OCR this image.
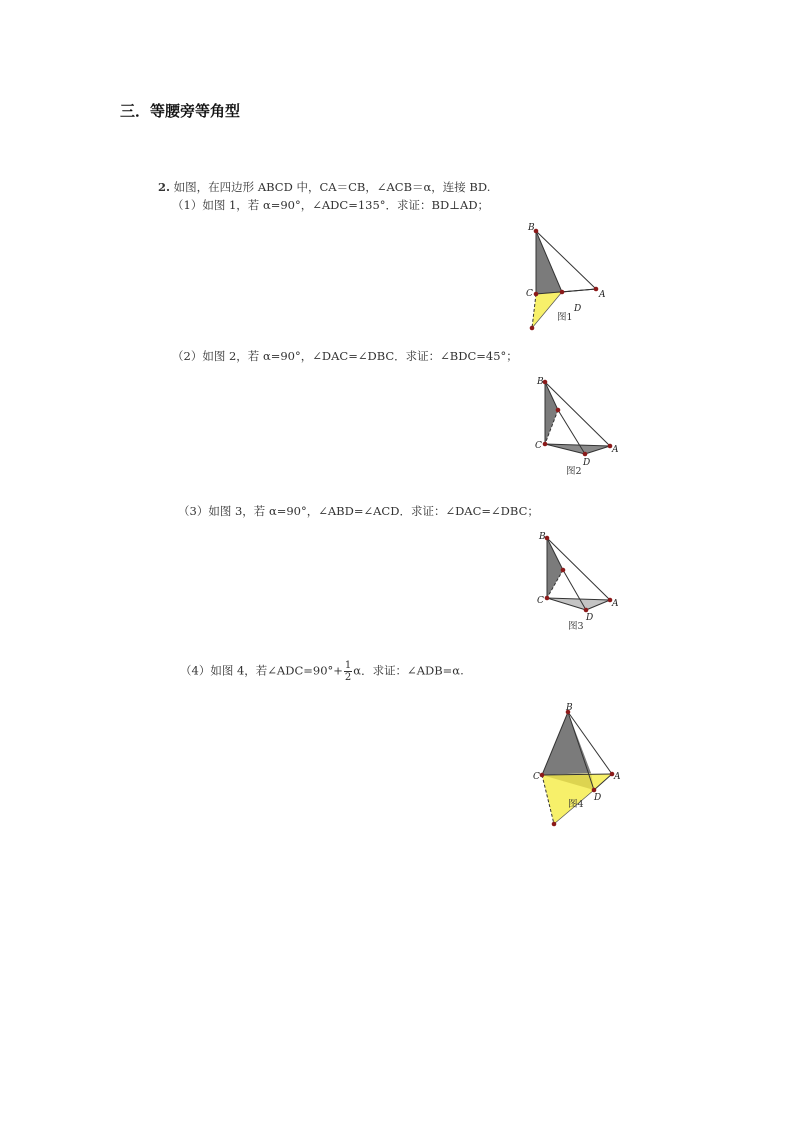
三．等腰旁等角型
2. 如图，在四边形 ABCD 中，CA＝CB，∠ACB＝α，连接 BD.
（1）如图 1，若 α=90°，∠ADC=135°．求证：BD⊥AD；
（2）如图 2，若 α=90°，∠DAC=∠DBC．求证：∠BDC=45°；
（3）如图 3，若 α=90°，∠ABD=∠ACD．求证：∠DAC=∠DBC；
（4）如图 4，若∠ADC=90°+ $\frac{1}{2}$ α．求证：∠ADB=α.
B
C	A
D
图1
B
C	A
D
图2
B
C	A
D
图3
B
C	A
D
图4
